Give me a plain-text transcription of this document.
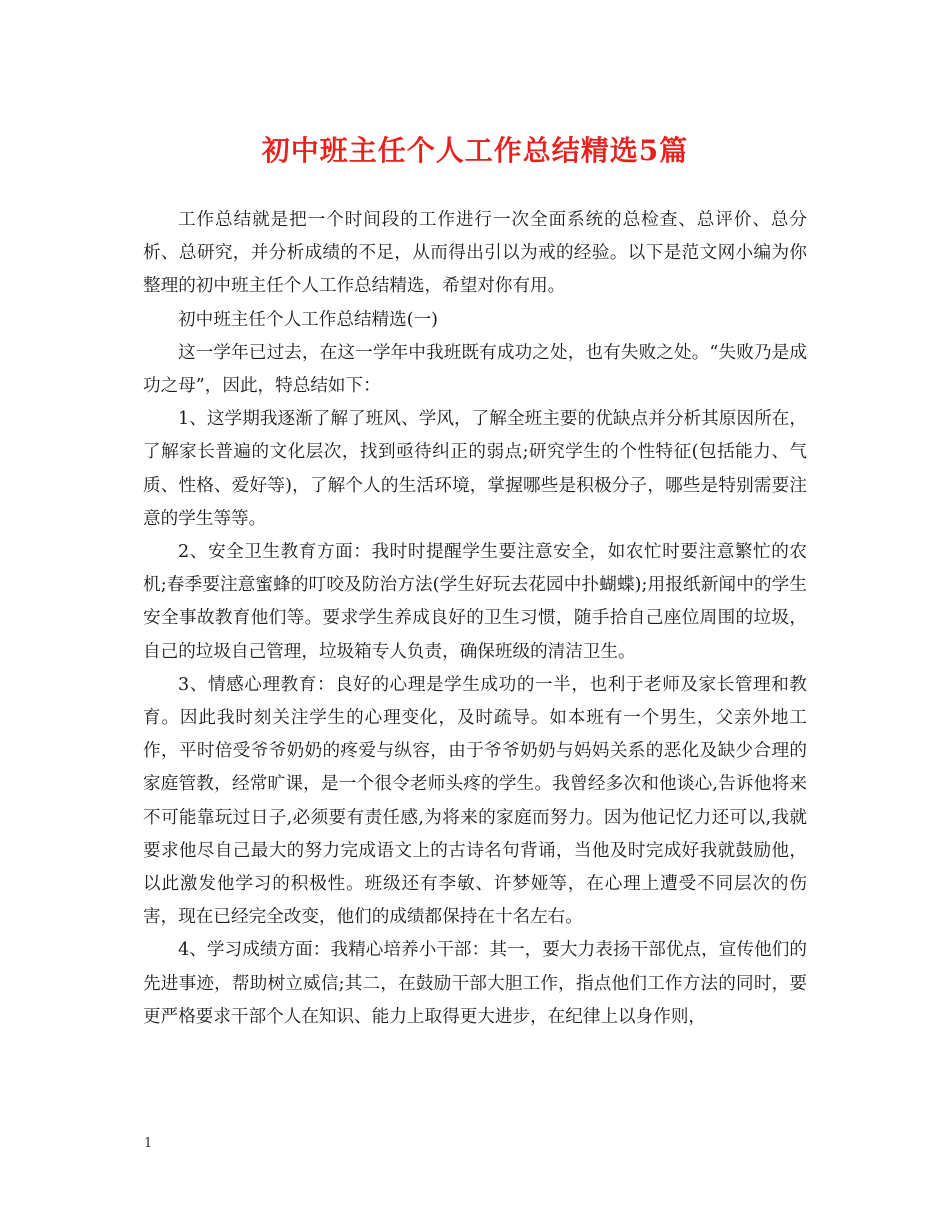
初中班主任个人工作总结精选5篇

工作总结就是把一个时间段的工作进行一次全面系统的总检查、总评价、总分析、总研究，并分析成绩的不足，从而得出引以为戒的经验。以下是范文网小编为你整理的初中班主任个人工作总结精选，希望对你有用。

初中班主任个人工作总结精选(一)

这一学年已过去，在这一学年中我班既有成功之处，也有失败之处。“失败乃是成功之母”，因此，特总结如下：

1、这学期我逐渐了解了班风、学风，了解全班主要的优缺点并分析其原因所在，了解家长普遍的文化层次，找到亟待纠正的弱点;研究学生的个性特征(包括能力、气质、性格、爱好等)，了解个人的生活环境，掌握哪些是积极分子，哪些是特别需要注意的学生等等。

2、安全卫生教育方面：我时时提醒学生要注意安全，如农忙时要注意繁忙的农机;春季要注意蜜蜂的叮咬及防治方法(学生好玩去花园中扑蝴蝶);用报纸新闻中的学生安全事故教育他们等。要求学生养成良好的卫生习惯，随手拾自己座位周围的垃圾，自己的垃圾自己管理，垃圾箱专人负责，确保班级的清洁卫生。

3、情感心理教育：良好的心理是学生成功的一半，也利于老师及家长管理和教育。因此我时刻关注学生的心理变化，及时疏导。如本班有一个男生，父亲外地工作，平时倍受爷爷奶奶的疼爱与纵容，由于爷爷奶奶与妈妈关系的恶化及缺少合理的家庭管教，经常旷课，是一个很令老师头疼的学生。我曾经多次和他谈心,告诉他将来不可能靠玩过日子,必须要有责任感,为将来的家庭而努力。因为他记忆力还可以,我就要求他尽自己最大的努力完成语文上的古诗名句背诵，当他及时完成好我就鼓励他，以此激发他学习的积极性。班级还有李敏、许梦娅等，在心理上遭受不同层次的伤害，现在已经完全改变，他们的成绩都保持在十名左右。

4、学习成绩方面：我精心培养小干部：其一，要大力表扬干部优点，宣传他们的先进事迹，帮助树立威信;其二，在鼓励干部大胆工作，指点他们工作方法的同时，要更严格要求干部个人在知识、能力上取得更大进步，在纪律上以身作则，

1
